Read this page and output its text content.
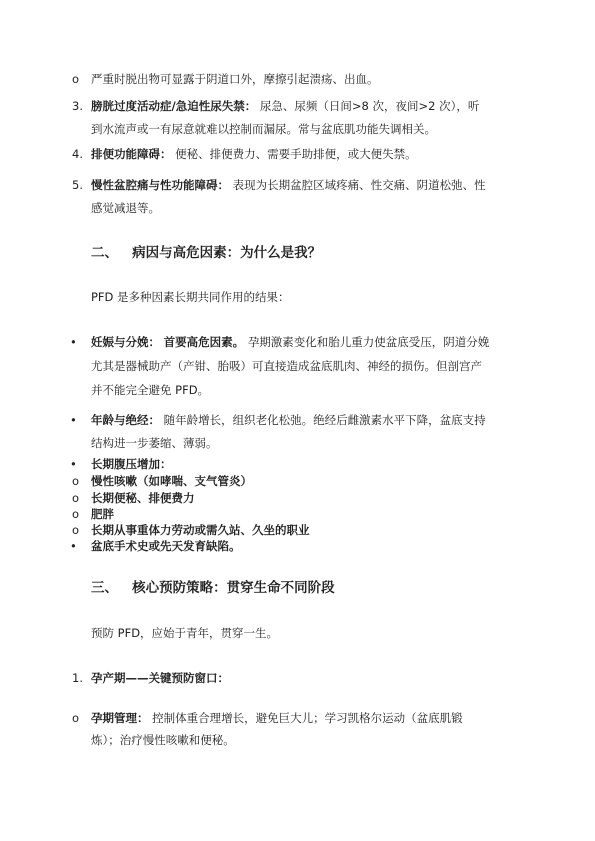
o 严重时脱出物可显露于阴道口外，摩擦引起溃疡、出血。
3. 膀胱过度活动症/急迫性尿失禁： 尿急、尿频（日间>8 次，夜间>2 次），听
到水流声或一有尿意就难以控制而漏尿。常与盆底肌功能失调相关。
4. 排便功能障碍： 便秘、排便费力、需要手助排便，或大便失禁。
5. 慢性盆腔痛与性功能障碍： 表现为长期盆腔区域疼痛、性交痛、阴道松弛、性
感觉减退等。
二、 病因与高危因素：为什么是我？
PFD 是多种因素长期共同作用的结果：
• 妊娠与分娩： 首要高危因素。 孕期激素变化和胎儿重力使盆底受压，阴道分娩
尤其是器械助产（产钳、胎吸）可直接造成盆底肌肉、神经的损伤。但剖宫产
并不能完全避免 PFD。
• 年龄与绝经： 随年龄增长，组织老化松弛。绝经后雌激素水平下降，盆底支持
结构进一步萎缩、薄弱。
• 长期腹压增加：
o 慢性咳嗽（如哮喘、支气管炎）
o 长期便秘、排便费力
o 肥胖
o 长期从事重体力劳动或需久站、久坐的职业
• 盆底手术史或先天发育缺陷。
三、 核心预防策略：贯穿生命不同阶段
预防 PFD，应始于青年，贯穿一生。
1. 孕产期——关键预防窗口：
o 孕期管理： 控制体重合理增长，避免巨大儿；学习凯格尔运动（盆底肌锻
炼）；治疗慢性咳嗽和便秘。
